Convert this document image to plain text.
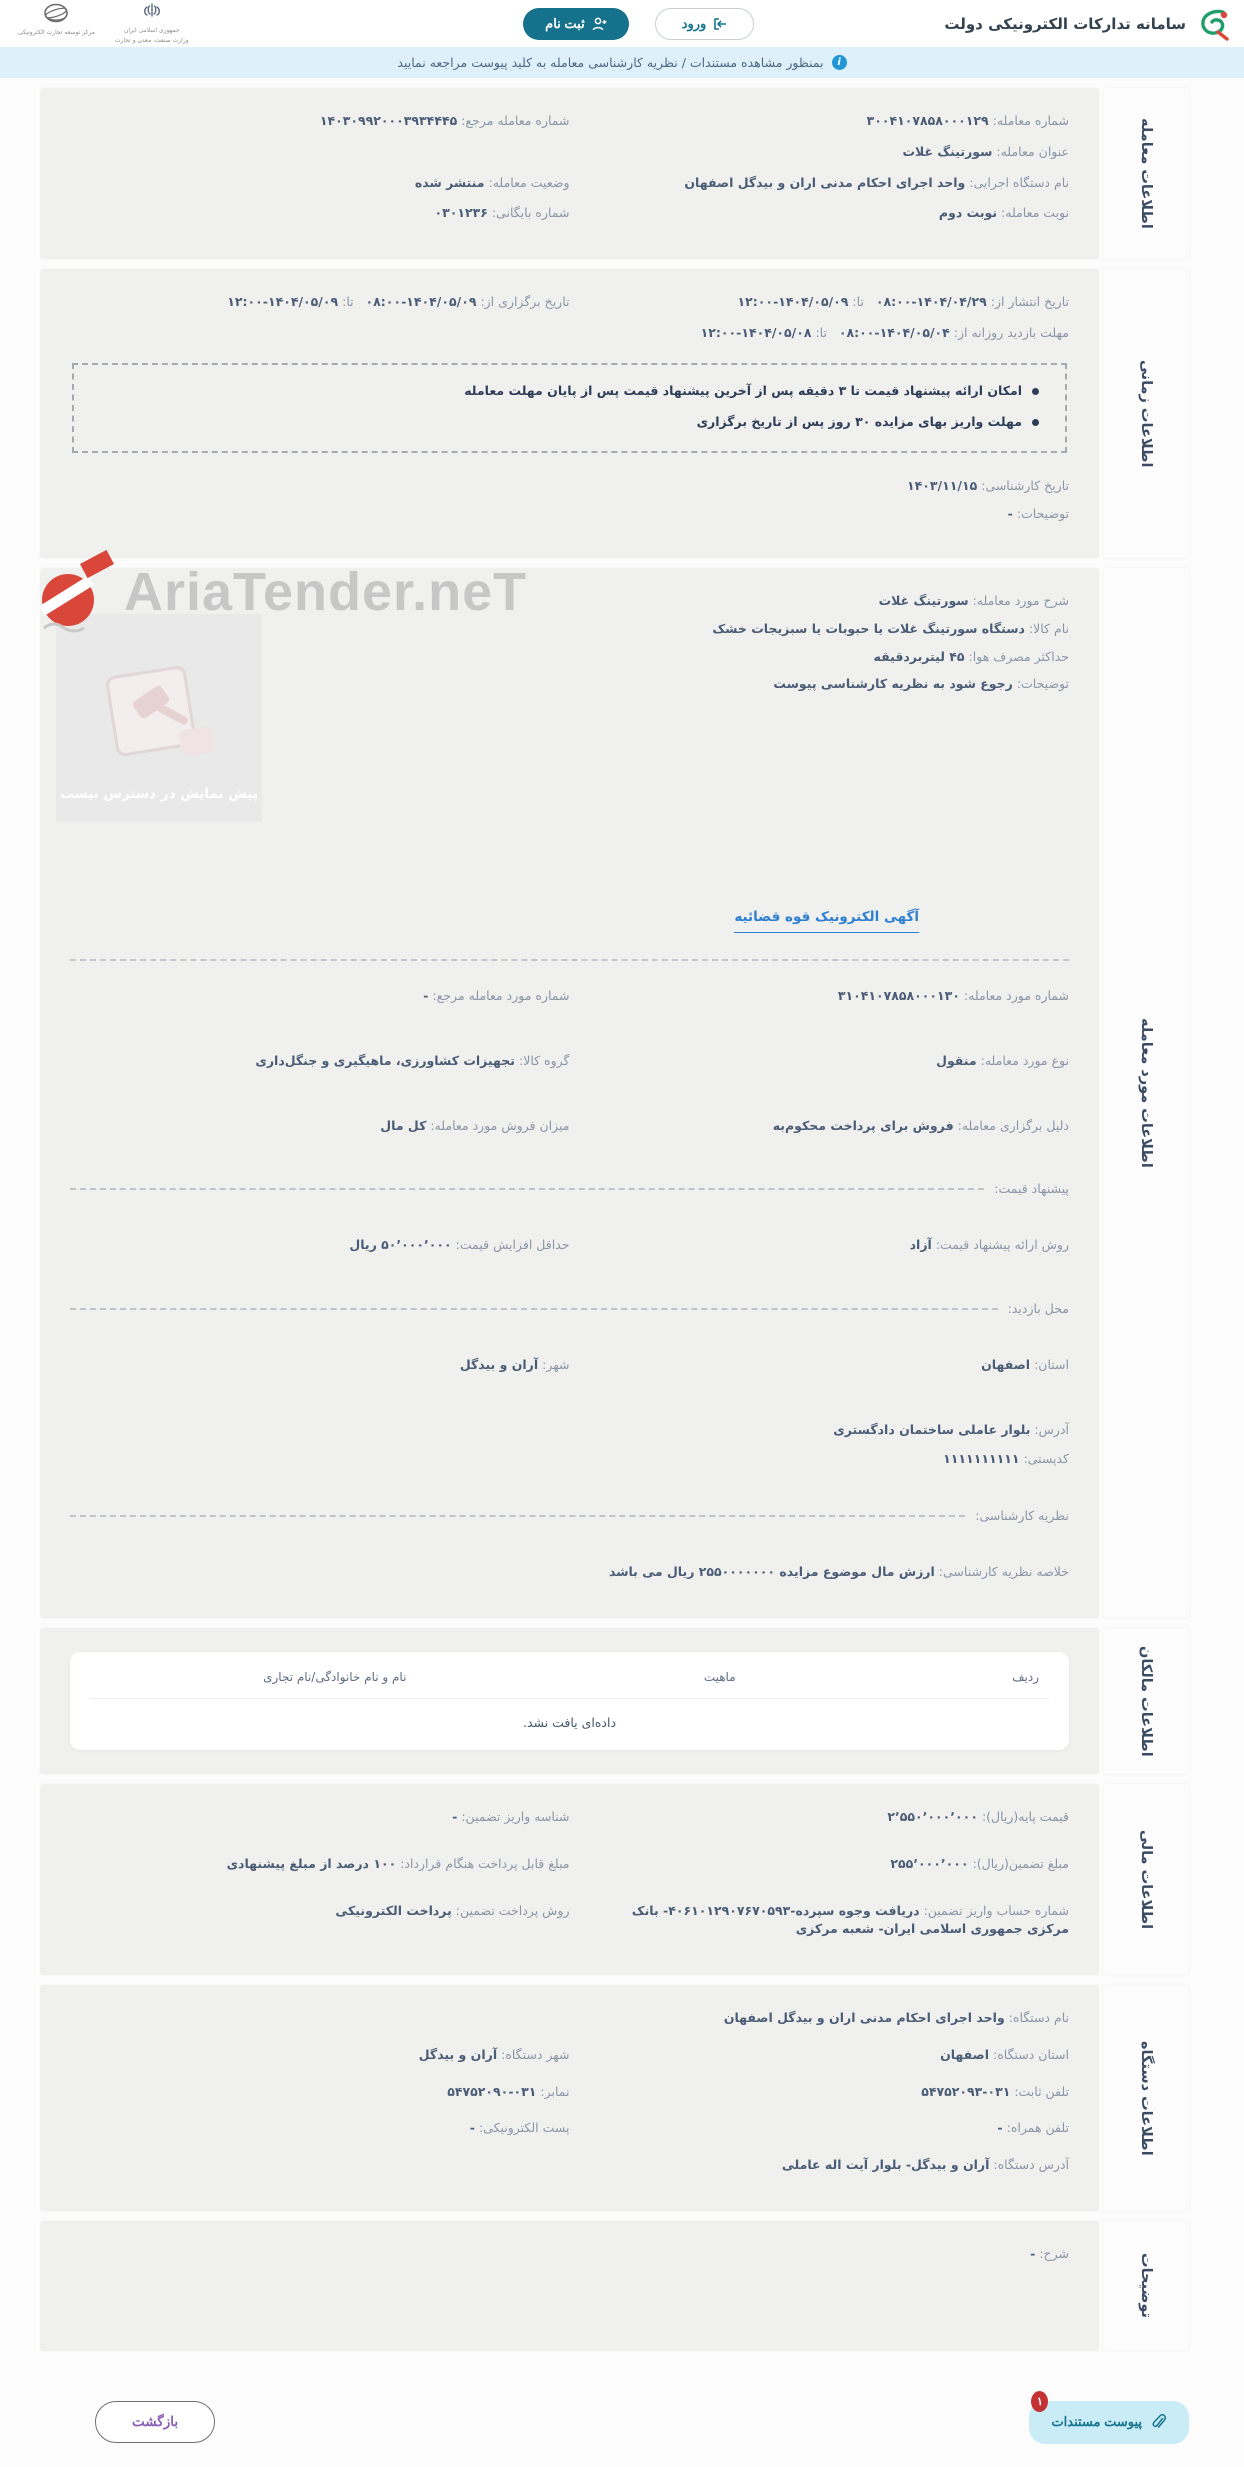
سامانه تدارکات الکترونیکی دولت
ورود
ثبت نام
جمهوری اسلامی ایران
وزارت صنعت، معدن و تجارت
مرکز توسعه تجارت الکترونیکی
i
بمنظور مشاهده مستندات / نظریه کارشناسی معامله به کلید پیوست مراجعه نمایید
اطلاعات معامله
شماره معامله: ۳۰۰۴۱۰۷۸۵۸۰۰۰۱۲۹
شماره معامله مرجع: ۱۴۰۳۰۹۹۲۰۰۰۳۹۳۴۴۴۵
عنوان معامله: سورتینگ غلات
نام دستگاه اجرایی: واحد اجرای احکام مدنی اران و بیدگل اصفهان
وضعیت معامله: منتشر شده
نوبت معامله: نوبت دوم
شماره بایگانی: ۰۳۰۱۲۳۶
اطلاعات زمانی
تاریخ انتشار از: ۱۴۰۴/۰۴/۲۹-۰۸:۰۰   تا: ۱۴۰۴/۰۵/۰۹-۱۲:۰۰
تاریخ برگزاری از: ۱۴۰۴/۰۵/۰۹-۰۸:۰۰   تا: ۱۴۰۴/۰۵/۰۹-۱۲:۰۰
مهلت بازدید روزانه از: ۱۴۰۴/۰۵/۰۴-۰۸:۰۰   تا: ۱۴۰۴/۰۵/۰۸-۱۲:۰۰
امکان ارائه پیشنهاد قیمت تا ۳ دقیقه پس از آخرین پیشنهاد قیمت پس از پایان مهلت معامله
مهلت واریز بهای مزایده ۳۰ روز پس از تاریخ برگزاری
تاریخ کارشناسی: ۱۴۰۳/۱۱/۱۵
توضیحات: -
اطلاعات مورد معامله
AriaTender.neT
پیش نمایش در دسترس نیست
شرح مورد معامله: سورتینگ غلات
نام کالا: دستگاه سورتینگ غلات یا حبوبات یا سبزیجات خشک
حداکثر مصرف هوا: ۴۵ لیتربردقیقه
توضیحات: رجوع شود به نظریه کارشناسی پیوست
آگهی الکترونیک قوه قضائیه
شماره مورد معامله: ۳۱۰۴۱۰۷۸۵۸۰۰۰۱۳۰
شماره مورد معامله مرجع: -
نوع مورد معامله: منقول
گروه کالا: تجهیزات کشاورزی، ماهیگیری و جنگل‌داری
دلیل برگزاری معامله: فروش برای پرداخت محکوم‌به
میزان فروش مورد معامله: کل مال
پیشنهاد قیمت:
روش ارائه پیشنهاد قیمت: آزاد
حداقل افزایش قیمت: ۵۰٬۰۰۰٬۰۰۰ ریال
محل بازدید:
استان: اصفهان
شهر: آران و بیدگل
آدرس: بلوار عاملی ساختمان دادگستری
کدپستی: ۱۱۱۱۱۱۱۱۱۱
نظریه کارشناسی:
خلاصه نظریه کارشناسی: ارزش مال موضوع مزایده ۲۵۵۰۰۰۰۰۰۰ ریال می باشد
اطلاعات مالکان
ردیف
ماهیت
نام و نام خانوادگی/نام تجاری
داده‌ای یافت نشد.
اطلاعات مالی
قیمت پایه(ریال): ۲٬۵۵۰٬۰۰۰٬۰۰۰
شناسه واریز تضمین: -
مبلغ تضمین(ریال): ۲۵۵٬۰۰۰٬۰۰۰
مبلغ قابل پرداخت هنگام قرارداد: ۱۰۰ درصد از مبلغ پیشنهادی
شماره حساب واریز تضمین: دریافت وجوه سپرده-۴۰۶۱۰۱۲۹۰۷۶۷۰۵۹۳- بانک مرکزی جمهوری اسلامی ایران- شعبه مرکزی
روش پرداخت تضمین: پرداخت الکترونیکی
اطلاعات دستگاه
نام دستگاه: واحد اجرای احکام مدنی اران و بیدگل اصفهان
استان دستگاه: اصفهان
شهر دستگاه: آران و بیدگل
تلفن ثابت: ۰۳۱-۵۴۷۵۲۰۹۳
نمابر: ۰۳۱-۵۴۷۵۲۰۹۰
تلفن همراه: -
پست الکترونیکی: -
آدرس دستگاه: آران و بیدگل- بلوار آیت اله عاملی
توضیحات
شرح: -
۱
پیوست مستندات
بازگشت
